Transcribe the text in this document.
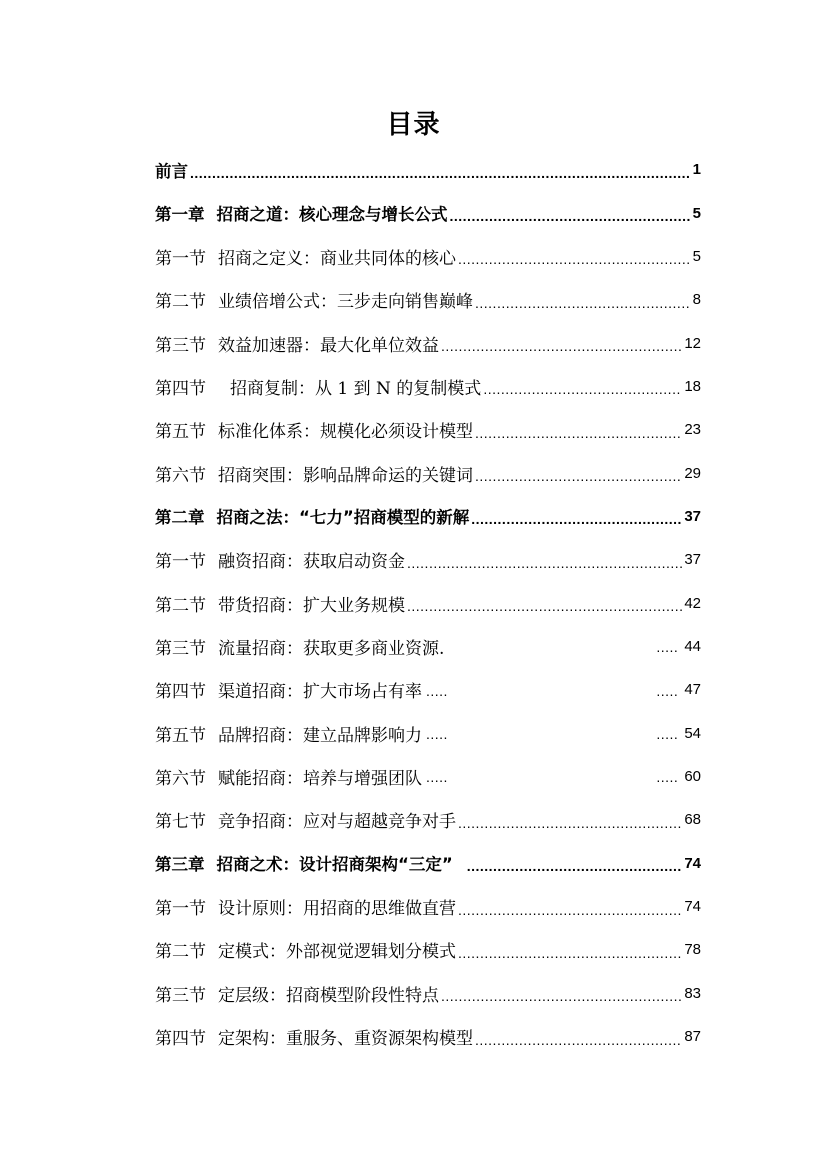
目录
前言 .....	1
第一章 招商之道：核心理念与增长公式 .....	5
第一节 招商之定义：商业共同体的核心 .....	5
第二节 业绩倍增公式：三步走向销售巅峰 .....	8
第三节 效益加速器：最大化单位效益 .....	12
第四节 招商复制：从 1 到 N 的复制模式 .....	18
第五节 标准化体系：规模化必须设计模型 .....	23
第六节 招商突围：影响品牌命运的关键词 .....	29
第二章 招商之法：“七力”招商模型的新解 .....	37
第一节 融资招商：获取启动资金 .....	37
第二节 带货招商：扩大业务规模 .....	42
第三节 流量招商：获取更多商业资源.	..... 44
第四节 渠道招商：扩大市场占有率 .....	..... 47
第五节 品牌招商：建立品牌影响力 .....	..... 54
第六节 赋能招商：培养与增强团队 .....	..... 60
第七节 竞争招商：应对与超越竞争对手 .....	68
第三章 招商之术：设计招商架构“三定” .....	74
第一节 设计原则：用招商的思维做直营 .....	74
第二节 定模式：外部视觉逻辑划分模式 .....	78
第三节 定层级：招商模型阶段性特点 .....	83
第四节 定架构：重服务、重资源架构模型 .....	87
